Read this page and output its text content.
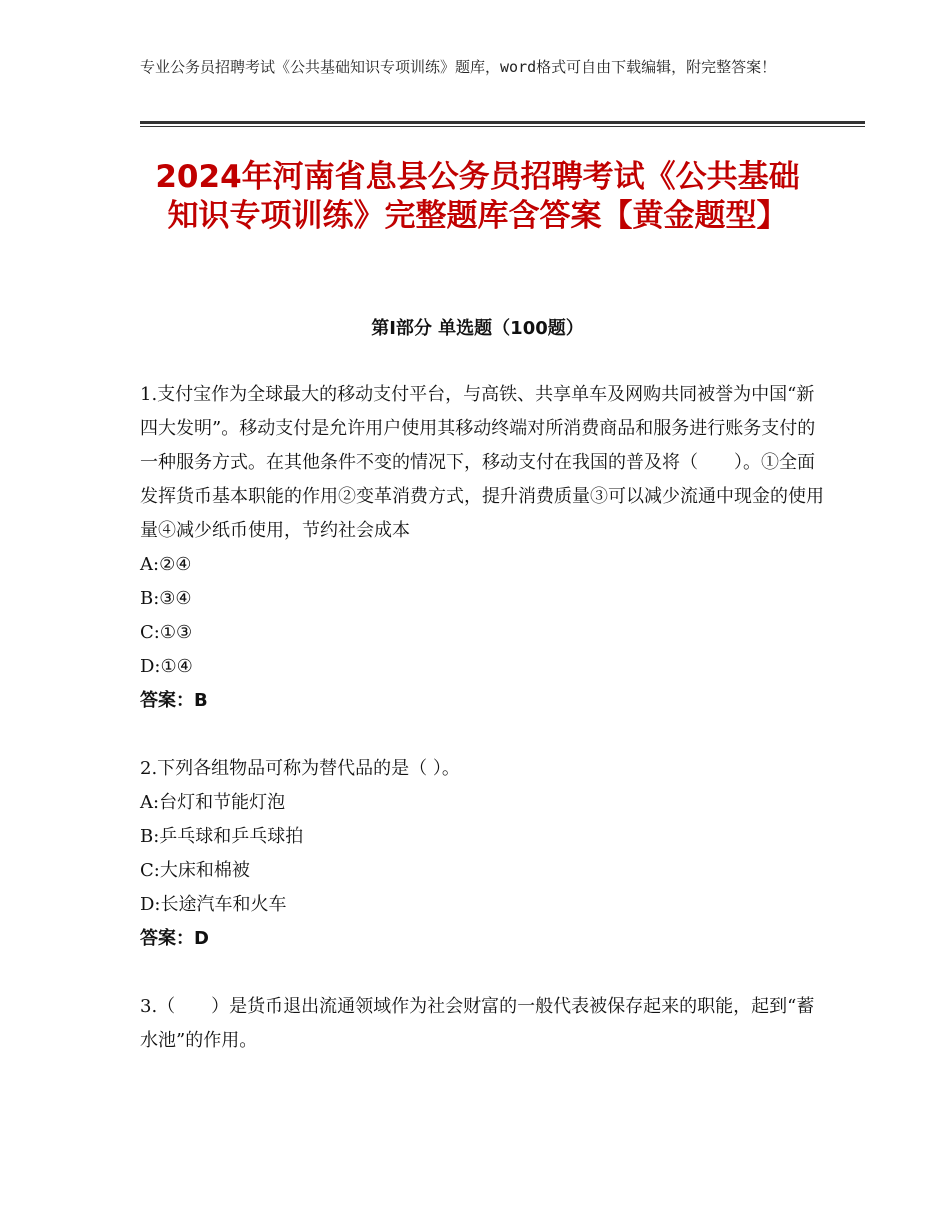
专业公务员招聘考试《公共基础知识专项训练》题库，word格式可自由下载编辑，附完整答案！
2024年河南省息县公务员招聘考试《公共基础知识专项训练》完整题库含答案【黄金题型】
第I部分 单选题（100题）

1.支付宝作为全球最大的移动支付平台，与高铁、共享单车及网购共同被誉为中国“新四大发明”。移动支付是允许用户使用其移动终端对所消费商品和服务进行账务支付的一种服务方式。在其他条件不变的情况下，移动支付在我国的普及将（　　）。①全面发挥货币基本职能的作用②变革消费方式，提升消费质量③可以减少流通中现金的使用量④减少纸币使用，节约社会成本

A:②④

B:③④

C:①③

D:①④

答案：B

2.下列各组物品可称为替代品的是（ ）。

A:台灯和节能灯泡

B:乒乓球和乒乓球拍

C:大床和棉被

D:长途汽车和火车

答案：D

3.（　　）是货币退出流通领域作为社会财富的一般代表被保存起来的职能，起到“蓄水池”的作用。
